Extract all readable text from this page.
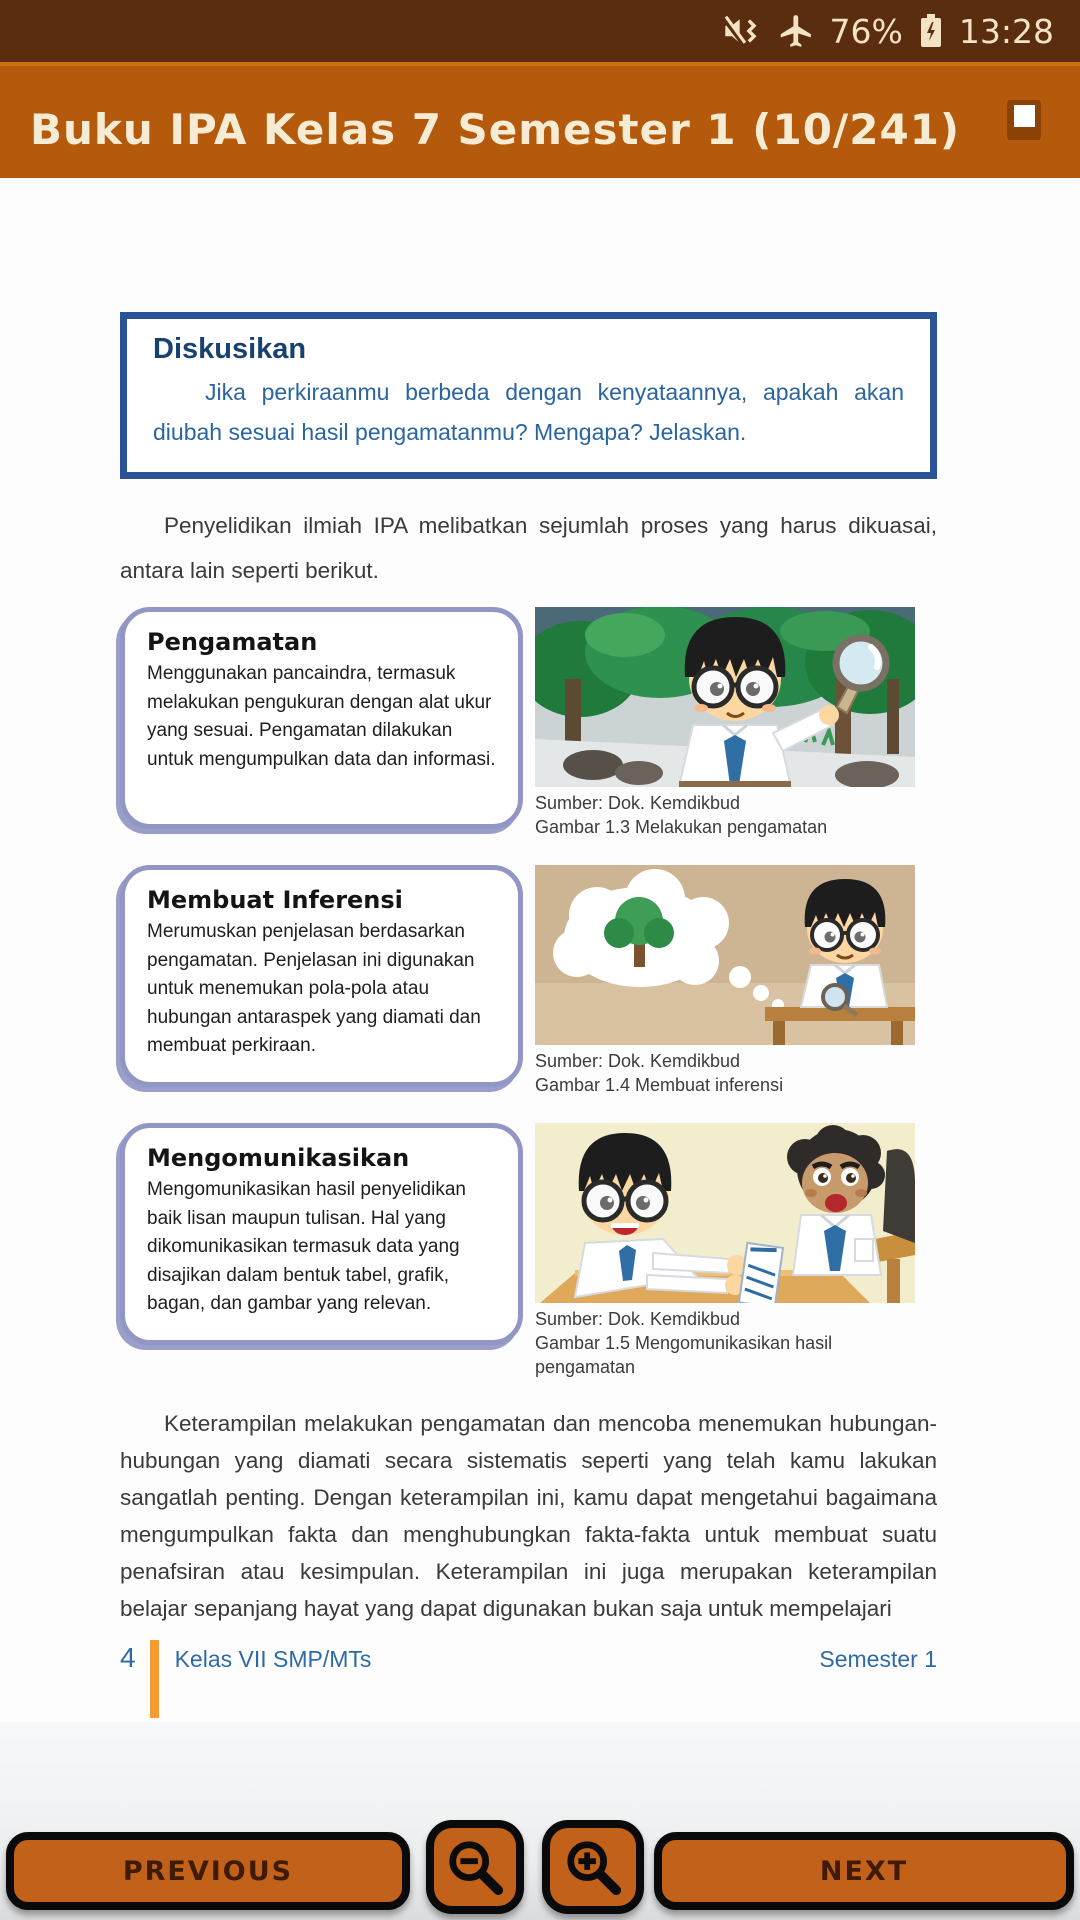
76% 13:28
Buku IPA Kelas 7 Semester 1 (10/241)

Diskusikan

Jika perkiraanmu berbeda dengan kenyataannya, apakah akan diubah sesuai hasil pengamatanmu? Mengapa? Jelaskan.

Penyelidikan ilmiah IPA melibatkan sejumlah proses yang harus dikuasai, antara lain seperti berikut.

Pengamatan

Menggunakan pancaindra, termasuk melakukan pengukuran dengan alat ukur yang sesuai. Pengamatan dilakukan untuk mengumpulkan data dan informasi.

Sumber: Dok. Kemdikbud
Gambar 1.3 Melakukan pengamatan

Membuat Inferensi

Merumuskan penjelasan berdasarkan pengamatan. Penjelasan ini digunakan untuk menemukan pola-pola atau hubungan antaraspek yang diamati dan membuat perkiraan.

Sumber: Dok. Kemdikbud
Gambar 1.4 Membuat inferensi

Mengomunikasikan

Mengomunikasikan hasil penyelidikan baik lisan maupun tulisan. Hal yang dikomunikasikan termasuk data yang disajikan dalam bentuk tabel, grafik, bagan, dan gambar yang relevan.

Sumber: Dok. Kemdikbud
Gambar 1.5 Mengomunikasikan hasil pengamatan

Keterampilan melakukan pengamatan dan mencoba menemukan hubungan-hubungan yang diamati secara sistematis seperti yang telah kamu lakukan sangatlah penting. Dengan keterampilan ini, kamu dapat mengetahui bagaimana mengumpulkan fakta dan menghubungkan fakta-fakta untuk membuat suatu penafsiran atau kesimpulan. Keterampilan ini juga merupakan keterampilan belajar sepanjang hayat yang dapat digunakan bukan saja untuk mempelajari

4 Kelas VII SMP/MTs	Semester 1
PREVIOUS	NEXT
